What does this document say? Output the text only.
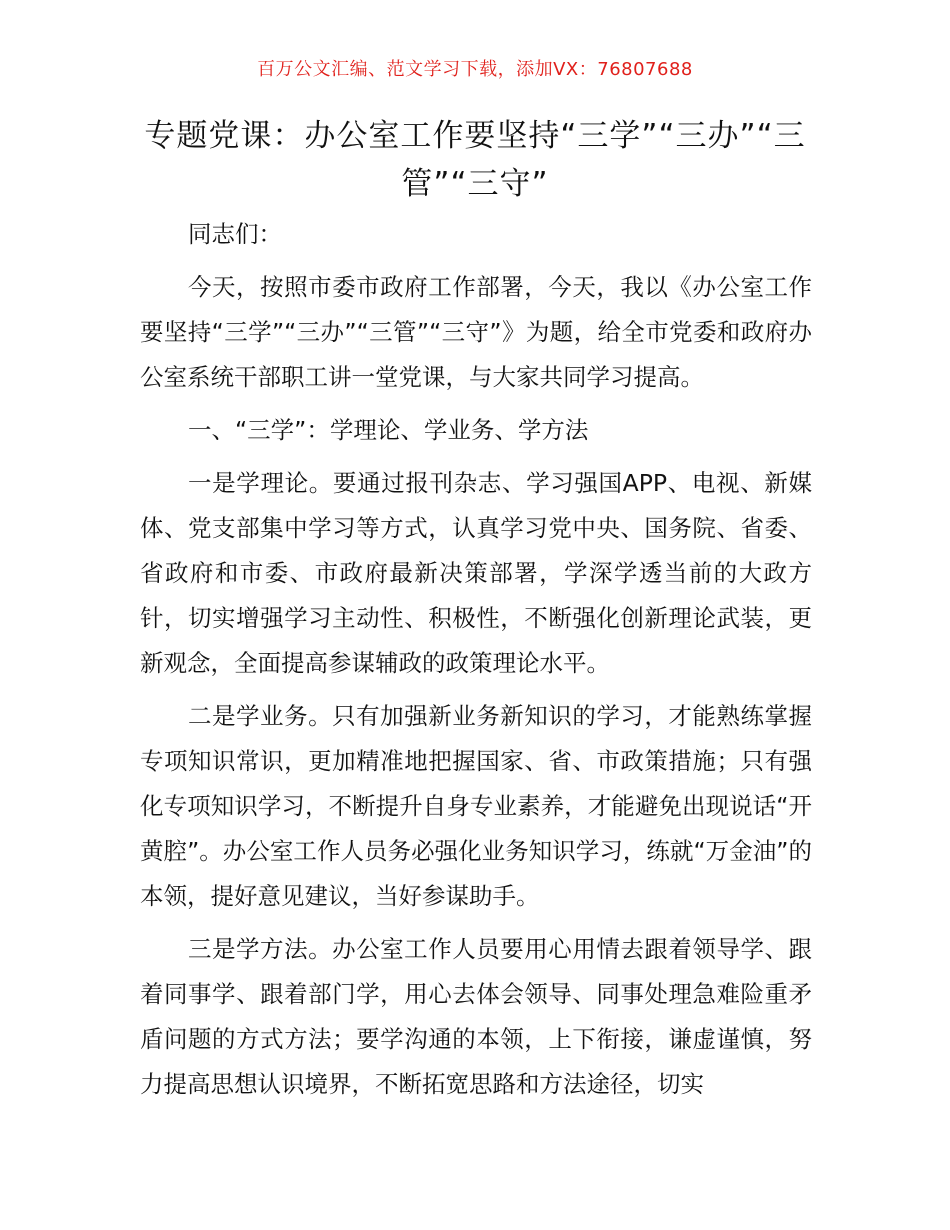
百万公文汇编、范文学习下载，添加VX：76807688
专题党课：办公室工作要坚持“三学”“三办”“三管”“三守”

同志们：

今天，按照市委市政府工作部署，今天，我以《办公室工作要坚持“三学”“三办”“三管”“三守”》为题，给全市党委和政府办公室系统干部职工讲一堂党课，与大家共同学习提高。

一、“三学”：学理论、学业务、学方法

一是学理论。要通过报刊杂志、学习强国APP、电视、新媒体、党支部集中学习等方式，认真学习党中央、国务院、省委、省政府和市委、市政府最新决策部署，学深学透当前的大政方针，切实增强学习主动性、积极性，不断强化创新理论武装，更新观念，全面提高参谋辅政的政策理论水平。

二是学业务。只有加强新业务新知识的学习，才能熟练掌握专项知识常识，更加精准地把握国家、省、市政策措施；只有强化专项知识学习，不断提升自身专业素养，才能避免出现说话“开黄腔”。办公室工作人员务必强化业务知识学习，练就“万金油”的本领，提好意见建议，当好参谋助手。

三是学方法。办公室工作人员要用心用情去跟着领导学、跟着同事学、跟着部门学，用心去体会领导、同事处理急难险重矛盾问题的方式方法；要学沟通的本领，上下衔接，谦虚谨慎，努力提高思想认识境界，不断拓宽思路和方法途径，切实
